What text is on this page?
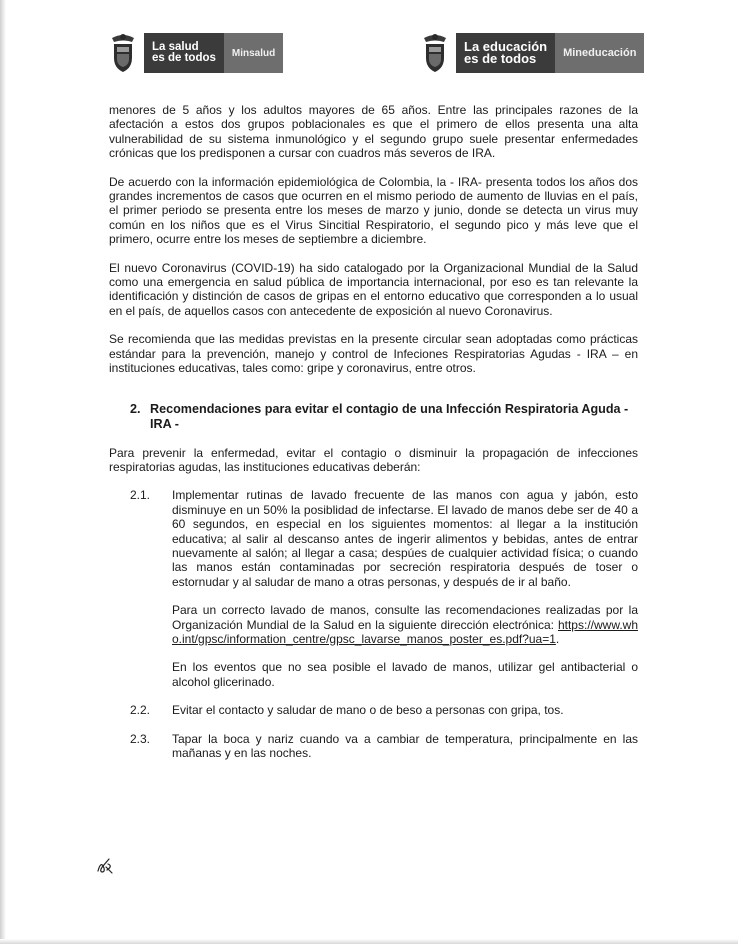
La salud
es de todos	Minsalud	La educación
es de todos	Mineducación

menores de 5 años y los adultos mayores de 65 años. Entre las principales razones de la afectación a estos dos grupos poblacionales es que el primero de ellos presenta una alta vulnerabilidad de su sistema inmunológico y el segundo grupo suele presentar enfermedades crónicas que los predisponen a cursar con cuadros más severos de IRA.

De acuerdo con la información epidemiológica de Colombia, la - IRA- presenta todos los años dos grandes incrementos de casos que ocurren en el mismo periodo de aumento de lluvias en el país, el primer periodo se presenta entre los meses de marzo y junio, donde se detecta un virus muy común en los niños que es el Virus Sincitial Respiratorio, el segundo pico y más leve que el primero, ocurre entre los meses de septiembre a diciembre.

El nuevo Coronavirus (COVID-19) ha sido catalogado por la Organizacional Mundial de la Salud como una emergencia en salud pública de importancia internacional, por eso es tan relevante la identificación y distinción de casos de gripas en el entorno educativo que corresponden a lo usual en el país, de aquellos casos con antecedente de exposición al nuevo Coronavirus.

Se recomienda que las medidas previstas en la presente circular sean adoptadas como prácticas estándar para la prevención, manejo y control de Infeciones Respiratorias Agudas - IRA – en instituciones educativas, tales como: gripe y coronavirus, entre otros.

2. Recomendaciones para evitar el contagio de una Infección Respiratoria Aguda - IRA -

Para prevenir la enfermedad, evitar el contagio o disminuir la propagación de infecciones respiratorias agudas, las instituciones educativas deberán:

2.1.	Implementar rutinas de lavado frecuente de las manos con agua y jabón, esto disminuye en un 50% la posiblidad de infectarse. El lavado de manos debe ser de 40 a 60 segundos, en especial en los siguientes momentos: al llegar a la institución educativa; al salir al descanso antes de ingerir alimentos y bebidas, antes de entrar nuevamente al salón; al llegar a casa; despúes de cualquier actividad física; o cuando las manos están contaminadas por secreción respiratoria después de toser o estornudar y al saludar de mano a otras personas, y después de ir al baño.

Para un correcto lavado de manos, consulte las recomendaciones realizadas por la Organización Mundial de la Salud en la siguiente dirección electrónica: https://www.who.int/gpsc/information_centre/gpsc_lavarse_manos_poster_es.pdf?ua=1.

En los eventos que no sea posible el lavado de manos, utilizar gel antibacterial o alcohol glicerinado.

2.2.	Evitar el contacto y saludar de mano o de beso a personas con gripa, tos.

2.3.	Tapar la boca y nariz cuando va a cambiar de temperatura, principalmente en las mañanas y en las noches.
